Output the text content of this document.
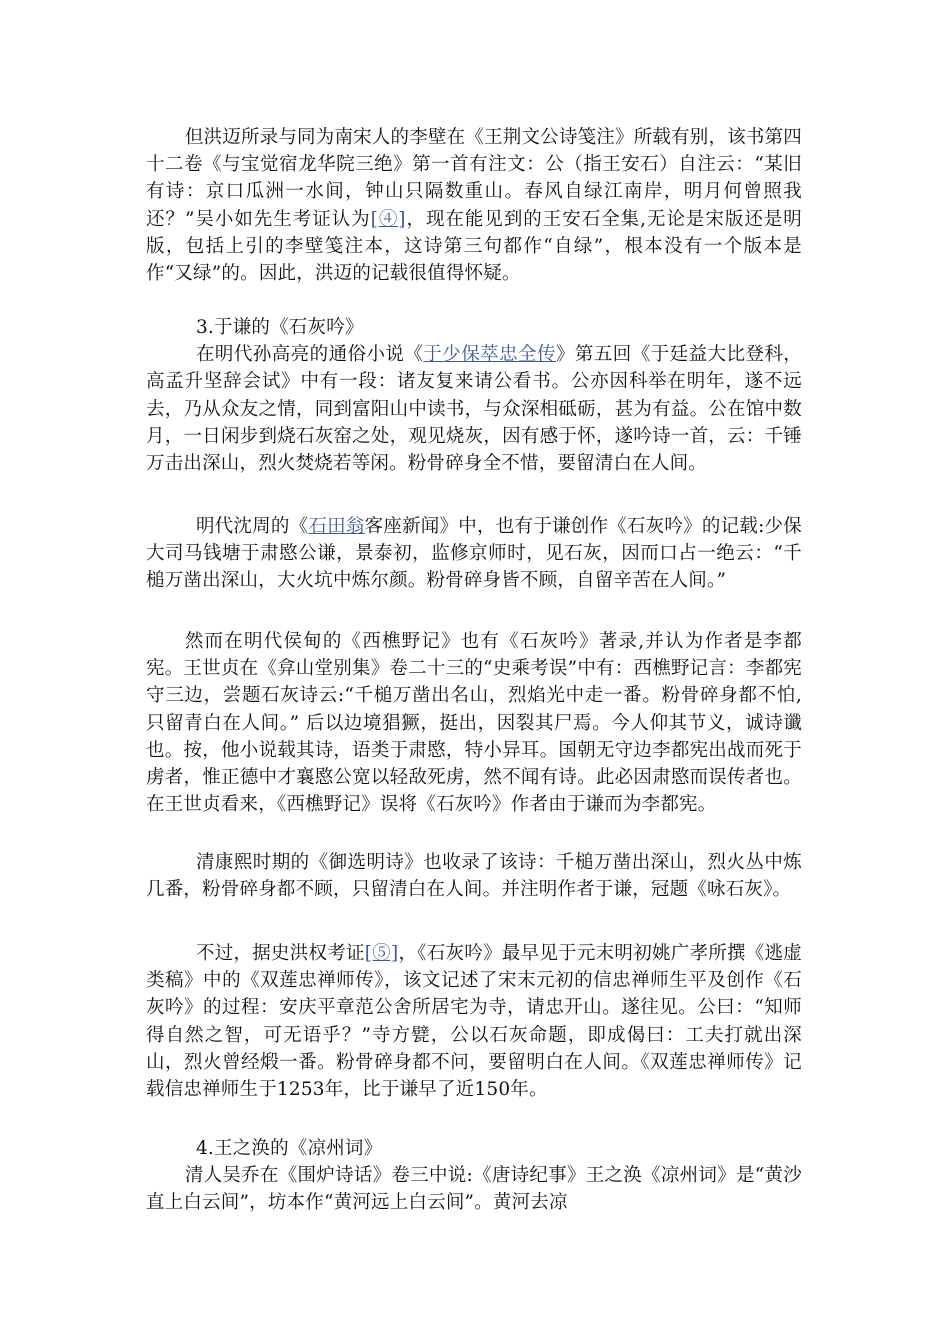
但洪迈所录与同为南宋人的李壁在《王荆文公诗笺注》所载有别，该书第四十二卷《与宝觉宿龙华院三绝》第一首有注文：公（指王安石）自注云：“某旧有诗：京口瓜洲一水间，钟山只隔数重山。春风自绿江南岸，明月何曾照我还？”吴小如先生考证认为[④]，现在能见到的王安石全集,无论是宋版还是明版，包括上引的李壁笺注本，这诗第三句都作“自绿”，根本没有一个版本是作“又绿”的。因此，洪迈的记载很值得怀疑。

3.于谦的《石灰吟》

在明代孙高亮的通俗小说《于少保萃忠全传》第五回《于廷益大比登科，高孟升坚辞会试》中有一段：诸友复来请公看书。公亦因科举在明年，遂不远去，乃从众友之情，同到富阳山中读书，与众深相砥砺，甚为有益。公在馆中数月，一日闲步到烧石灰窑之处，观见烧灰，因有感于怀，遂吟诗一首，云：千锤万击出深山，烈火焚烧若等闲。粉骨碎身全不惜，要留清白在人间。

明代沈周的《石田翁客座新闻》中，也有于谦创作《石灰吟》的记载:少保大司马钱塘于肃愍公谦，景泰初，监修京师时，见石灰，因而口占一绝云：“千槌万凿出深山，大火坑中炼尔颜。粉骨碎身皆不顾，自留辛苦在人间。”

然而在明代侯甸的《西樵野记》也有《石灰吟》著录,并认为作者是李都宪。王世贞在《弇山堂别集》卷二十三的“史乘考误”中有：西樵野记言：李都宪守三边，尝题石灰诗云:“千槌万凿出名山，烈焰光中走一番。粉骨碎身都不怕,只留青白在人间。” 后以边境猖獗，挺出，因裂其尸焉。今人仰其节义，诚诗谶也。按，他小说载其诗，语类于肃愍，特小异耳。国朝无守边李都宪出战而死于虏者，惟正德中才襄愍公宽以轻敌死虏，然不闻有诗。此必因肃愍而误传者也。在王世贞看来，《西樵野记》误将《石灰吟》作者由于谦而为李都宪。

清康熙时期的《御选明诗》也收录了该诗：千槌万凿出深山，烈火丛中炼几番，粉骨碎身都不顾，只留清白在人间。并注明作者于谦，冠题《咏石灰》。

不过，据史洪权考证[⑤]，《石灰吟》最早见于元末明初姚广孝所撰《逃虚类稿》中的《双莲忠禅师传》，该文记述了宋末元初的信忠禅师生平及创作《石灰吟》的过程：安庆平章范公舍所居宅为寺，请忠开山。遂往见。公曰：“知师得自然之智，可无语乎？”寺方甓，公以石灰命题，即成偈曰：工夫打就出深山，烈火曾经煅一番。粉骨碎身都不问，要留明白在人间。《双莲忠禅师传》记载信忠禅师生于1253年，比于谦早了近150年。

4.王之涣的《凉州词》

清人吴乔在《围炉诗话》卷三中说:《唐诗纪事》王之涣《凉州词》是“黄沙直上白云间”，坊本作“黄河远上白云间”。黄河去凉
